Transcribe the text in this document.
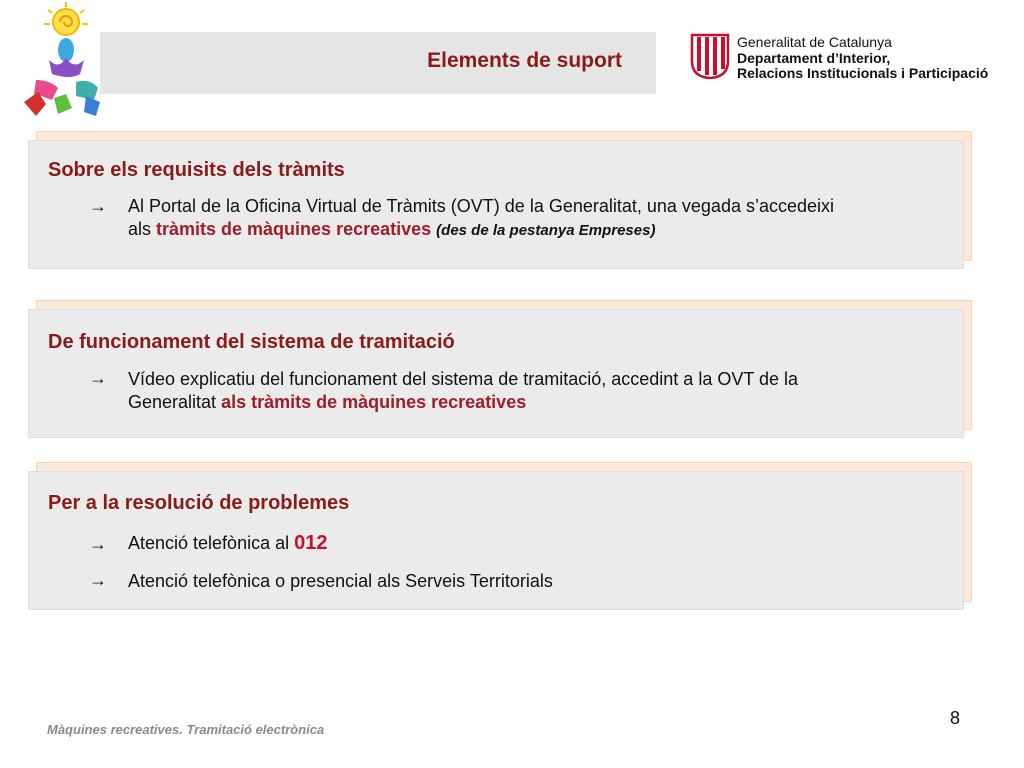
Elements de suport
Generalitat de Catalunya
Departament d’Interior,
Relacions Institucionals i Participació
Sobre els requisits dels tràmits
→ Al Portal de la Oficina Virtual de Tràmits (OVT) de la Generalitat, una vegada s’accedeixi
als tràmits de màquines recreatives (des de la pestanya Empreses)
De funcionament del sistema de tramitació
→ Vídeo explicatiu del funcionament del sistema de tramitació, accedint a la OVT de la
Generalitat als tràmits de màquines recreatives
Per a la resolució de problemes
→ Atenció telefònica al 012
→ Atenció telefònica o presencial als Serveis Territorials
Màquines recreatives. Tramitació electrònica
8
